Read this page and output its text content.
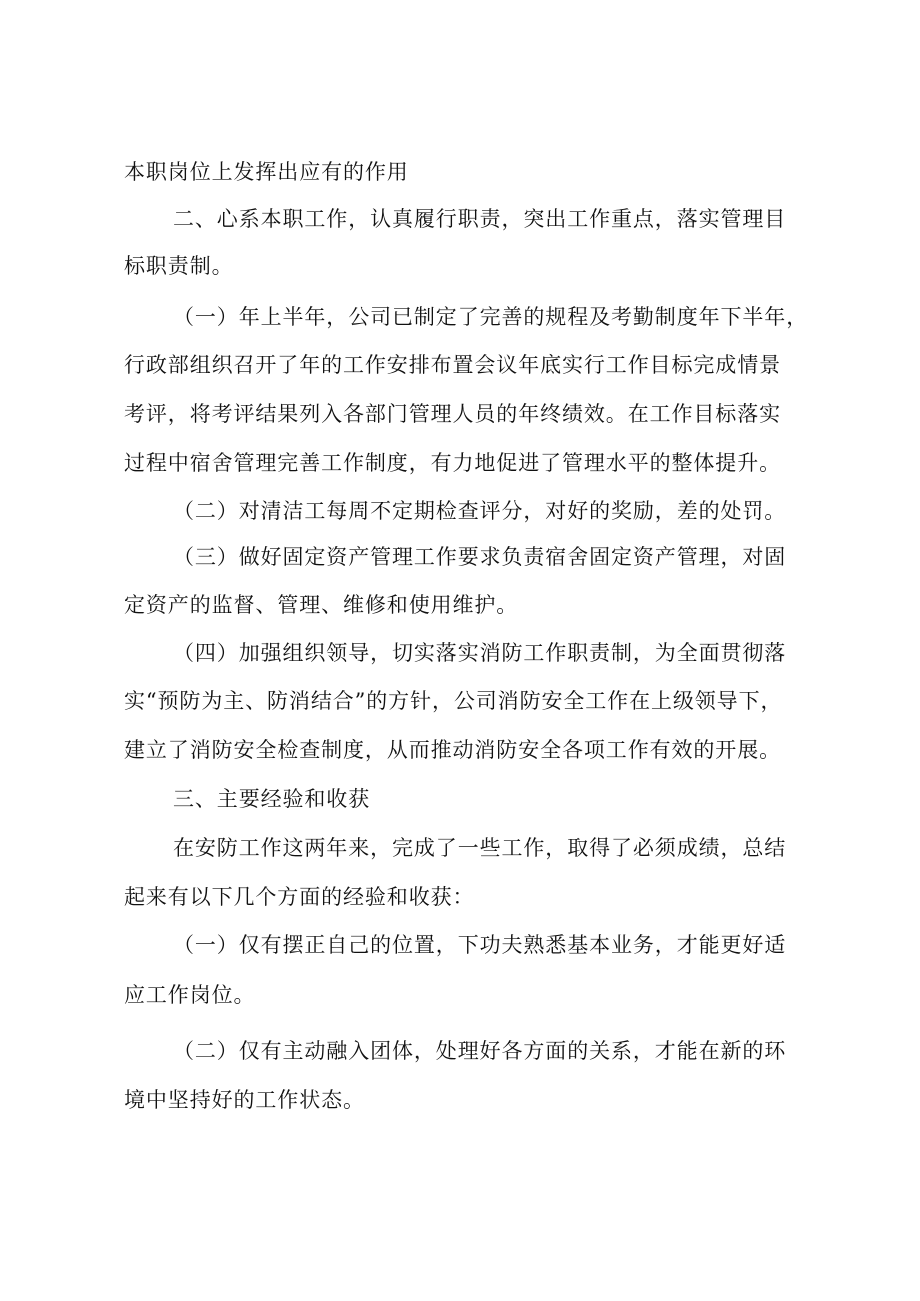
本职岗位上发挥出应有的作用

二、心系本职工作，认真履行职责，突出工作重点，落实管理目

标职责制。

（一）年上半年，公司已制定了完善的规程及考勤制度年下半年，

行政部组织召开了年的工作安排布置会议年底实行工作目标完成情景

考评，将考评结果列入各部门管理人员的年终绩效。在工作目标落实

过程中宿舍管理完善工作制度，有力地促进了管理水平的整体提升。

（二）对清洁工每周不定期检查评分，对好的奖励，差的处罚。

（三）做好固定资产管理工作要求负责宿舍固定资产管理，对固

定资产的监督、管理、维修和使用维护。

（四）加强组织领导，切实落实消防工作职责制，为全面贯彻落

实“预防为主、防消结合”的方针，公司消防安全工作在上级领导下，

建立了消防安全检查制度，从而推动消防安全各项工作有效的开展。

三、主要经验和收获

在安防工作这两年来，完成了一些工作，取得了必须成绩，总结

起来有以下几个方面的经验和收获：

（一）仅有摆正自己的位置，下功夫熟悉基本业务，才能更好适

应工作岗位。

（二）仅有主动融入团体，处理好各方面的关系，才能在新的环

境中坚持好的工作状态。
